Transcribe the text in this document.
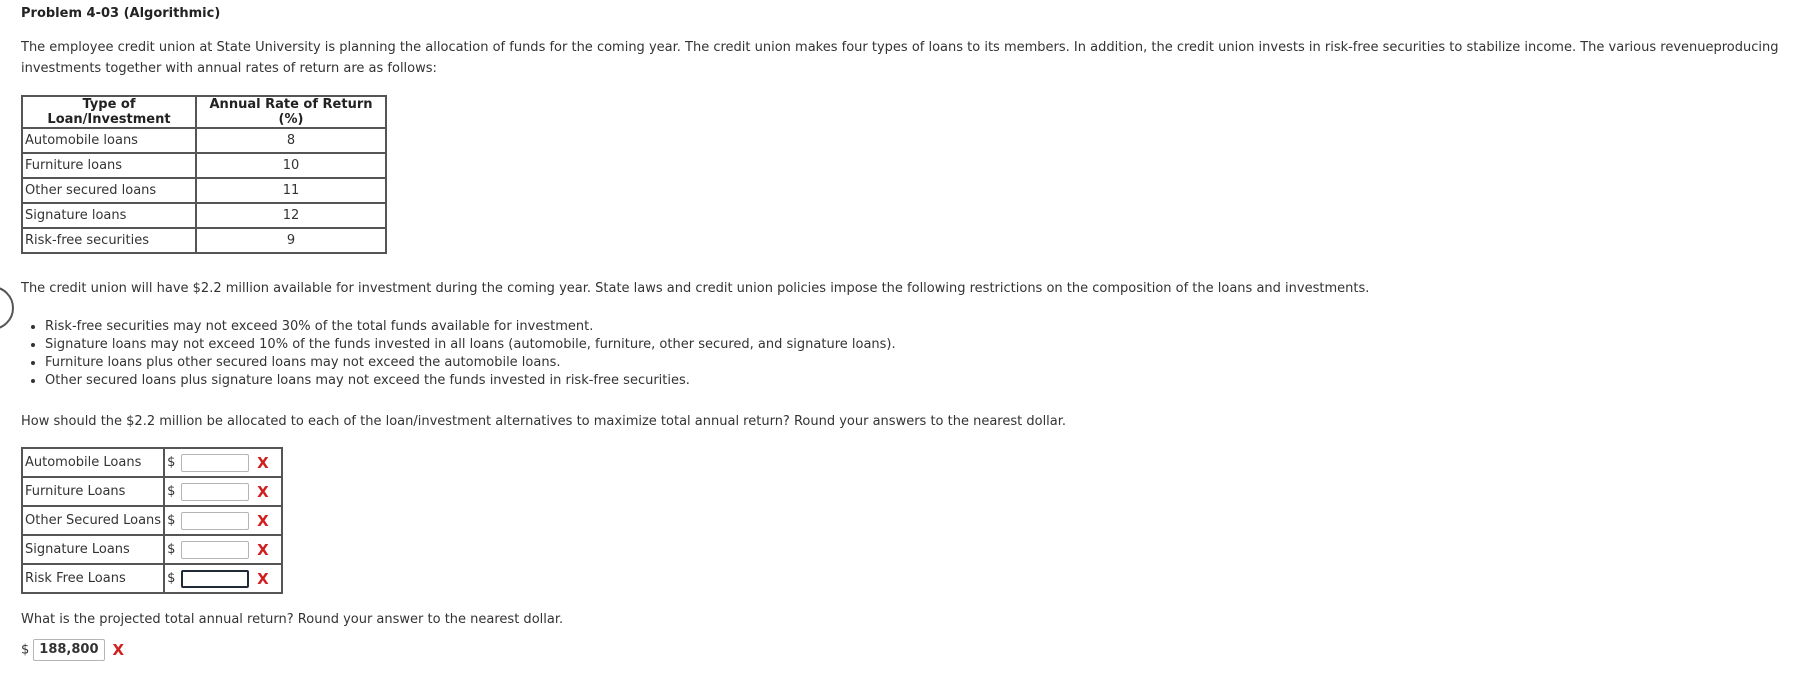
Problem 4-03 (Algorithmic)
The employee credit union at State University is planning the allocation of funds for the coming year. The credit union makes four types of loans to its members. In addition, the credit union invests in risk-free securities to stabilize income. The various revenueproducing investments together with annual rates of return are as follows:
Type of Loan/Investment	Annual Rate of Return (%)
Automobile loans	8
Furniture loans	10
Other secured loans	11
Signature loans	12
Risk-free securities	9
The credit union will have $2.2 million available for investment during the coming year. State laws and credit union policies impose the following restrictions on the composition of the loans and investments.
• Risk-free securities may not exceed 30% of the total funds available for investment.
• Signature loans may not exceed 10% of the funds invested in all loans (automobile, furniture, other secured, and signature loans).
• Furniture loans plus other secured loans may not exceed the automobile loans.
• Other secured loans plus signature loans may not exceed the funds invested in risk-free securities.
How should the $2.2 million be allocated to each of the loan/investment alternatives to maximize total annual return? Round your answers to the nearest dollar.
Automobile Loans	$ X
Furniture Loans	$ X
Other Secured Loans	$ X
Signature Loans	$ X
Risk Free Loans	$ X
What is the projected total annual return? Round your answer to the nearest dollar.
$ 188,800 X
